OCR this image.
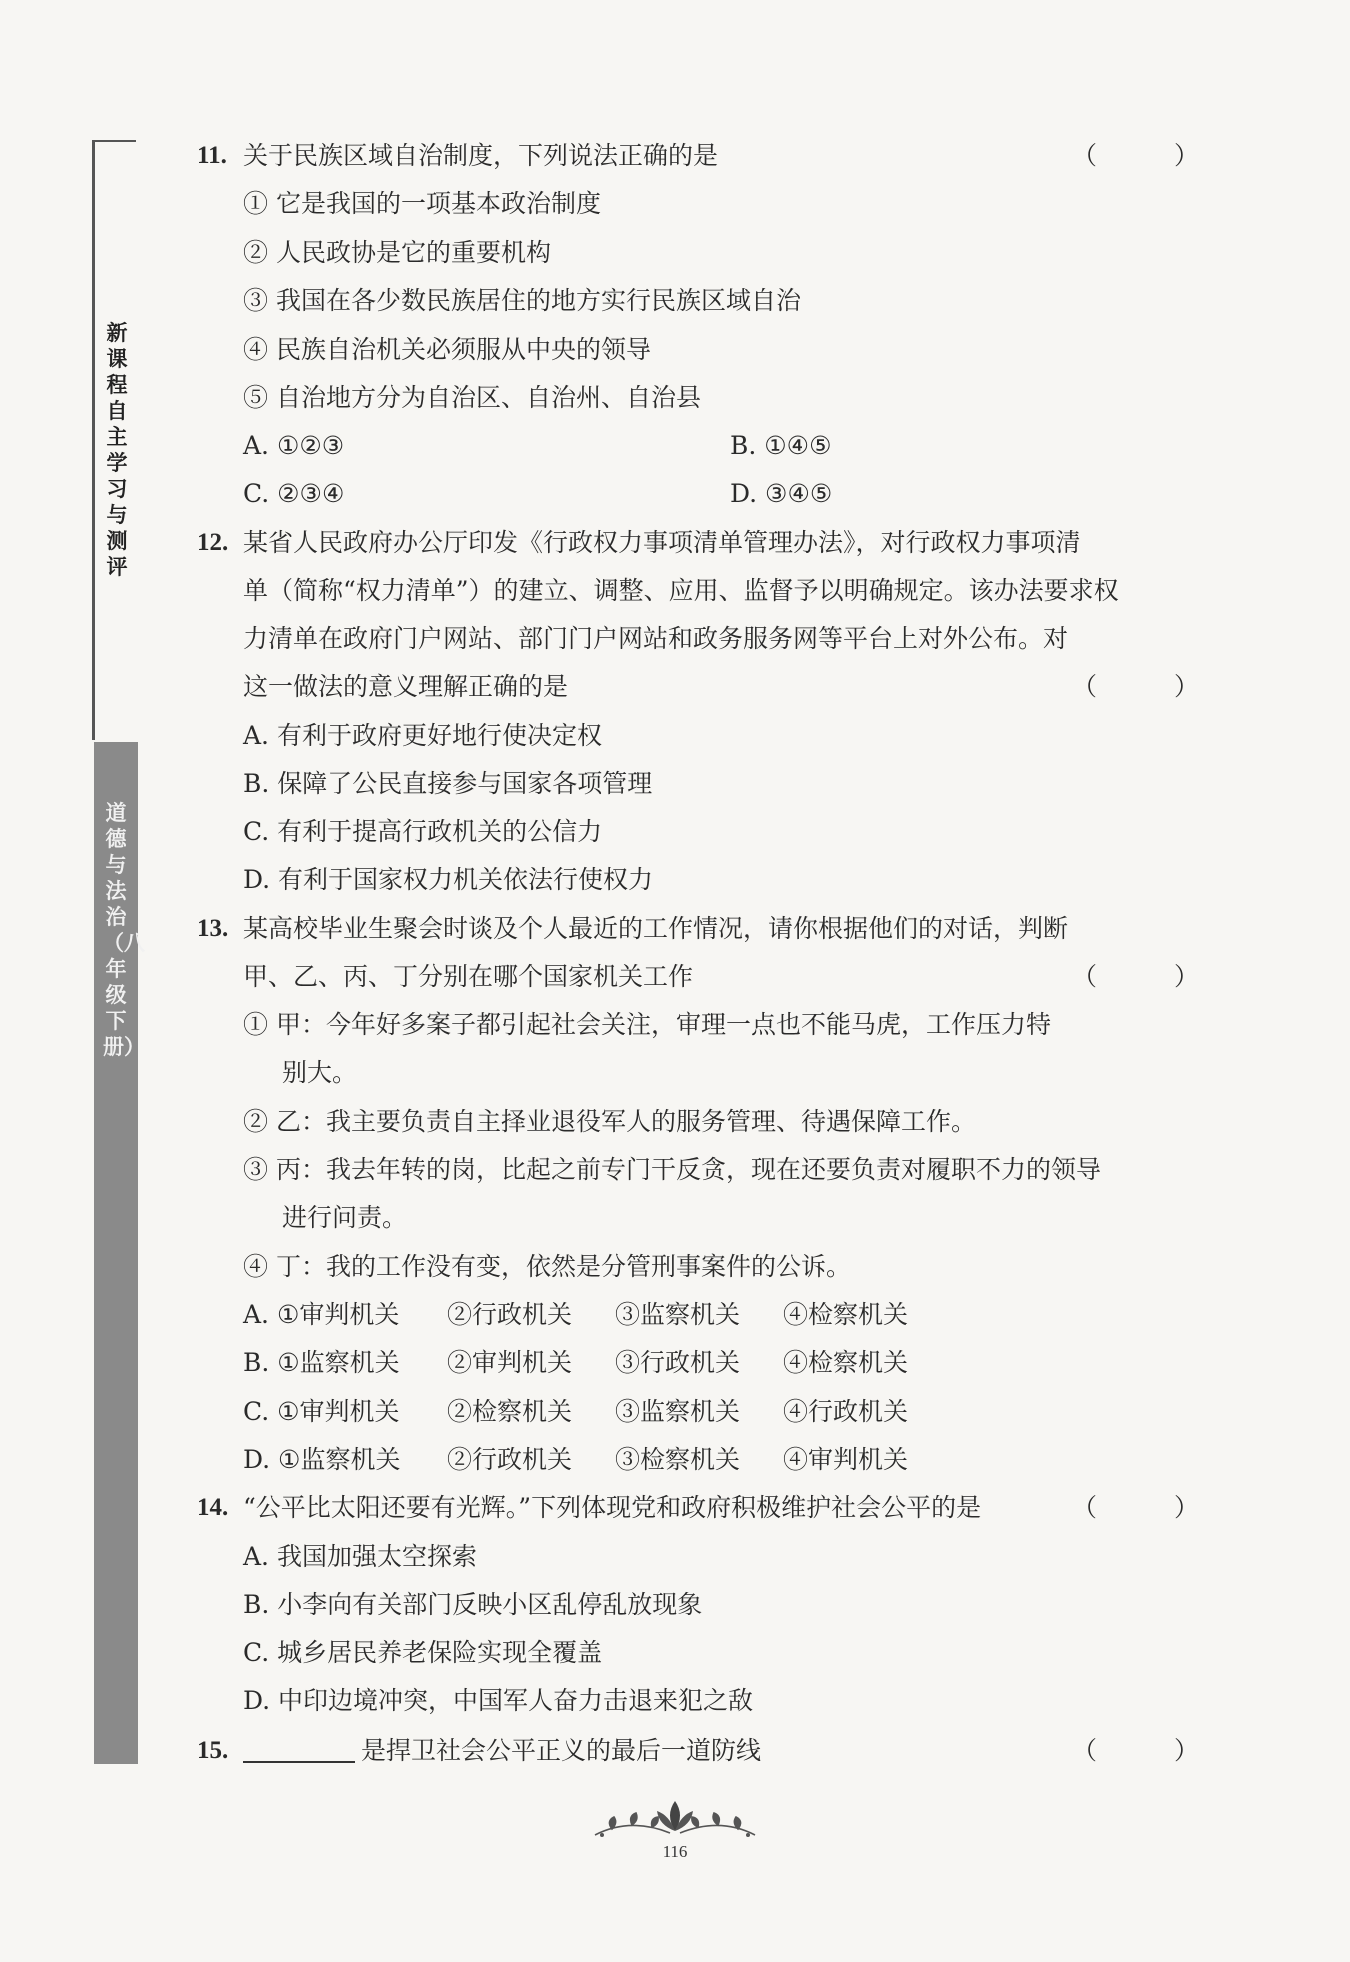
新课程自主学习与测评
道德与法治（八年级下册）
11. 关于民族区域自治制度，下列说法正确的是	（　）
① 它是我国的一项基本政治制度
② 人民政协是它的重要机构
③ 我国在各少数民族居住的地方实行民族区域自治
④ 民族自治机关必须服从中央的领导
⑤ 自治地方分为自治区、自治州、自治县
A. ①②③	B. ①④⑤
C. ②③④	D. ③④⑤
12. 某省人民政府办公厅印发《行政权力事项清单管理办法》，对行政权力事项清
单（简称“权力清单”）的建立、调整、应用、监督予以明确规定。该办法要求权
力清单在政府门户网站、部门门户网站和政务服务网等平台上对外公布。对
这一做法的意义理解正确的是	（　）
A. 有利于政府更好地行使决定权
B. 保障了公民直接参与国家各项管理
C. 有利于提高行政机关的公信力
D. 有利于国家权力机关依法行使权力
13. 某高校毕业生聚会时谈及个人最近的工作情况，请你根据他们的对话，判断
甲、乙、丙、丁分别在哪个国家机关工作	（　）
① 甲：今年好多案子都引起社会关注，审理一点也不能马虎，工作压力特
别大。
② 乙：我主要负责自主择业退役军人的服务管理、待遇保障工作。
③ 丙：我去年转的岗，比起之前专门干反贪，现在还要负责对履职不力的领导
进行问责。
④ 丁：我的工作没有变，依然是分管刑事案件的公诉。
A. ①审判机关 ②行政机关 ③监察机关 ④检察机关
B. ①监察机关 ②审判机关 ③行政机关 ④检察机关
C. ①审判机关 ②检察机关 ③监察机关 ④行政机关
D. ①监察机关 ②行政机关 ③检察机关 ④审判机关
14. “公平比太阳还要有光辉。”下列体现党和政府积极维护社会公平的是	（　）
A. 我国加强太空探索
B. 小李向有关部门反映小区乱停乱放现象
C. 城乡居民养老保险实现全覆盖
D. 中印边境冲突，中国军人奋力击退来犯之敌
15.	是捍卫社会公平正义的最后一道防线	（　）
116
